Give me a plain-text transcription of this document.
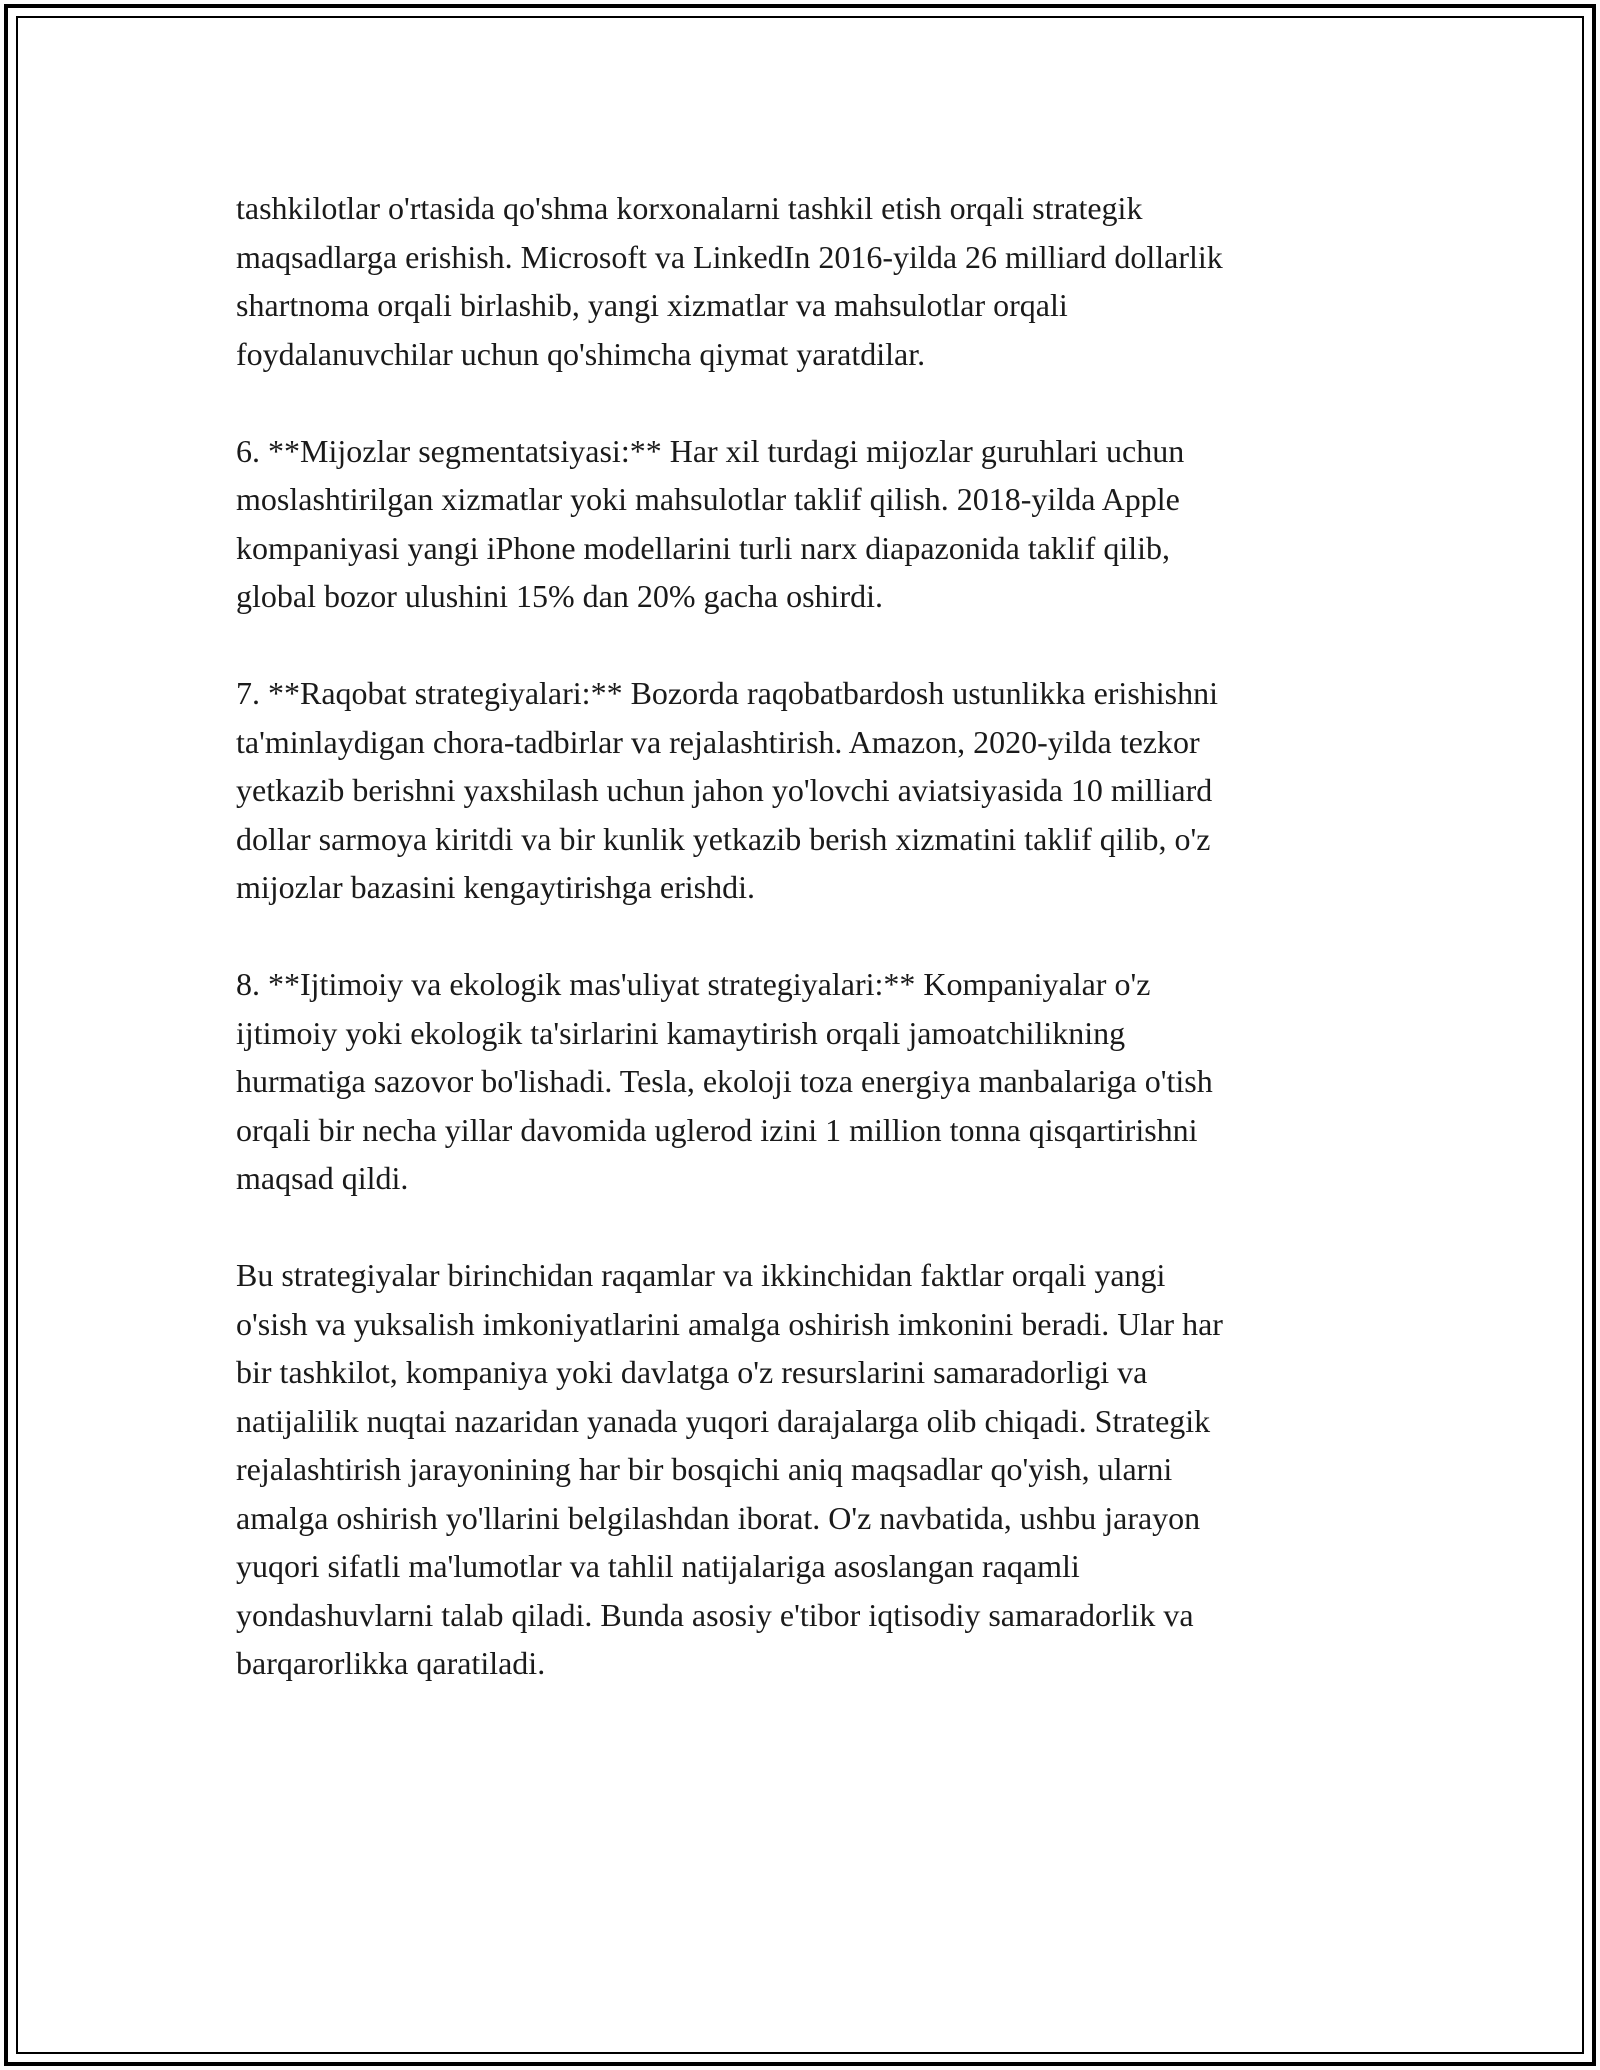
tashkilotlar o'rtasida qo'shma korxonalarni tashkil etish orqali strategik
maqsadlarga erishish. Microsoft va LinkedIn 2016-yilda 26 milliard dollarlik
shartnoma orqali birlashib, yangi xizmatlar va mahsulotlar orqali
foydalanuvchilar uchun qo'shimcha qiymat yaratdilar.

6. **Mijozlar segmentatsiyasi:** Har xil turdagi mijozlar guruhlari uchun
moslashtirilgan xizmatlar yoki mahsulotlar taklif qilish. 2018-yilda Apple
kompaniyasi yangi iPhone modellarini turli narx diapazonida taklif qilib,
global bozor ulushini 15% dan 20% gacha oshirdi.

7. **Raqobat strategiyalari:** Bozorda raqobatbardosh ustunlikka erishishni
ta'minlaydigan chora-tadbirlar va rejalashtirish. Amazon, 2020-yilda tezkor
yetkazib berishni yaxshilash uchun jahon yo'lovchi aviatsiyasida 10 milliard
dollar sarmoya kiritdi va bir kunlik yetkazib berish xizmatini taklif qilib, o'z
mijozlar bazasini kengaytirishga erishdi.

8. **Ijtimoiy va ekologik mas'uliyat strategiyalari:** Kompaniyalar o'z
ijtimoiy yoki ekologik ta'sirlarini kamaytirish orqali jamoatchilikning
hurmatiga sazovor bo'lishadi. Tesla, ekoloji toza energiya manbalariga o'tish
orqali bir necha yillar davomida uglerod izini 1 million tonna qisqartirishni
maqsad qildi.

Bu strategiyalar birinchidan raqamlar va ikkinchidan faktlar orqali yangi
o'sish va yuksalish imkoniyatlarini amalga oshirish imkonini beradi. Ular har
bir tashkilot, kompaniya yoki davlatga o'z resurslarini samaradorligi va
natijalilik nuqtai nazaridan yanada yuqori darajalarga olib chiqadi. Strategik
rejalashtirish jarayonining har bir bosqichi aniq maqsadlar qo'yish, ularni
amalga oshirish yo'llarini belgilashdan iborat. O'z navbatida, ushbu jarayon
yuqori sifatli ma'lumotlar va tahlil natijalariga asoslangan raqamli
yondashuvlarni talab qiladi. Bunda asosiy e'tibor iqtisodiy samaradorlik va
barqarorlikka qaratiladi.
